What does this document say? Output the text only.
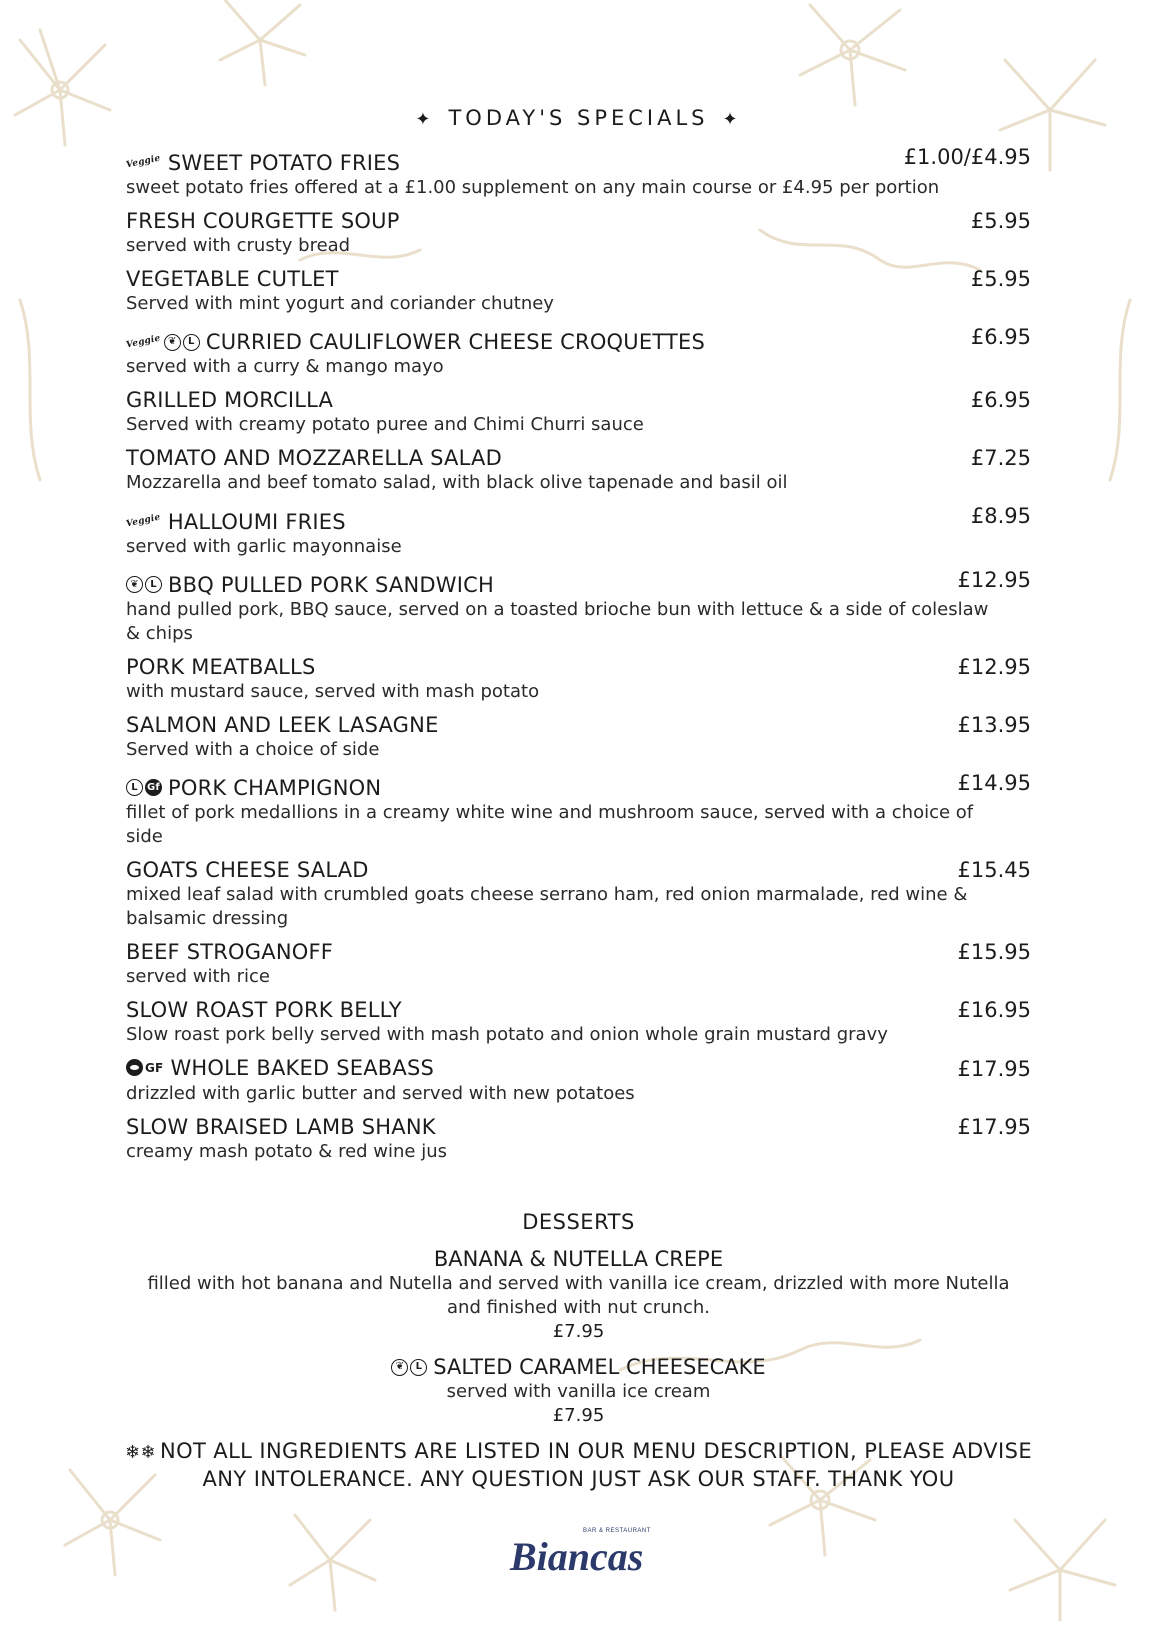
✦ TODAY'S SPECIALS ✦
Veggie SWEET POTATO FRIES	£1.00/£4.95
sweet potato fries offered at a £1.00 supplement on any main course or £4.95 per portion
FRESH COURGETTE SOUP	£5.95
served with crusty bread
VEGETABLE CUTLET	£5.95
Served with mint yogurt and coriander chutney
Veggie ❦	L CURRIED CAULIFLOWER CHEESE CROQUETTES	£6.95
served with a curry & mango mayo
GRILLED MORCILLA	£6.95
Served with creamy potato puree and Chimi Churri sauce
TOMATO AND MOZZARELLA SALAD	£7.25
Mozzarella and beef tomato salad, with black olive tapenade and basil oil
Veggie HALLOUMI FRIES	£8.95
served with garlic mayonnaise
❦	L BBQ PULLED PORK SANDWICH	£12.95
hand pulled pork, BBQ sauce, served on a toasted brioche bun with lettuce & a side of coleslaw & chips
PORK MEATBALLS	£12.95
with mustard sauce, served with mash potato
SALMON AND LEEK LASAGNE	£13.95
Served with a choice of side
L Gf PORK CHAMPIGNON	£14.95
fillet of pork medallions in a creamy white wine and mushroom sauce, served with a choice of side
GOATS CHEESE SALAD	£15.45
mixed leaf salad with crumbled goats cheese serrano ham, red onion marmalade, red wine & balsamic dressing
BEEF STROGANOFF	£15.95
served with rice
SLOW ROAST PORK BELLY	£16.95
Slow roast pork belly served with mash potato and onion whole grain mustard gravy
GF WHOLE BAKED SEABASS	£17.95
drizzled with garlic butter and served with new potatoes
SLOW BRAISED LAMB SHANK	£17.95
creamy mash potato & red wine jus
DESSERTS
BANANA & NUTELLA CREPE
filled with hot banana and Nutella and served with vanilla ice cream, drizzled with more Nutella and finished with nut crunch.
£7.95
❦	L SALTED CARAMEL CHEESECAKE
served with vanilla ice cream
£7.95
❄❄ NOT ALL INGREDIENTS ARE LISTED IN OUR MENU DESCRIPTION, PLEASE ADVISE
ANY INTOLERANCE. ANY QUESTION JUST ASK OUR STAFF. THANK YOU
BAR & RESTAURANT
Biancas
